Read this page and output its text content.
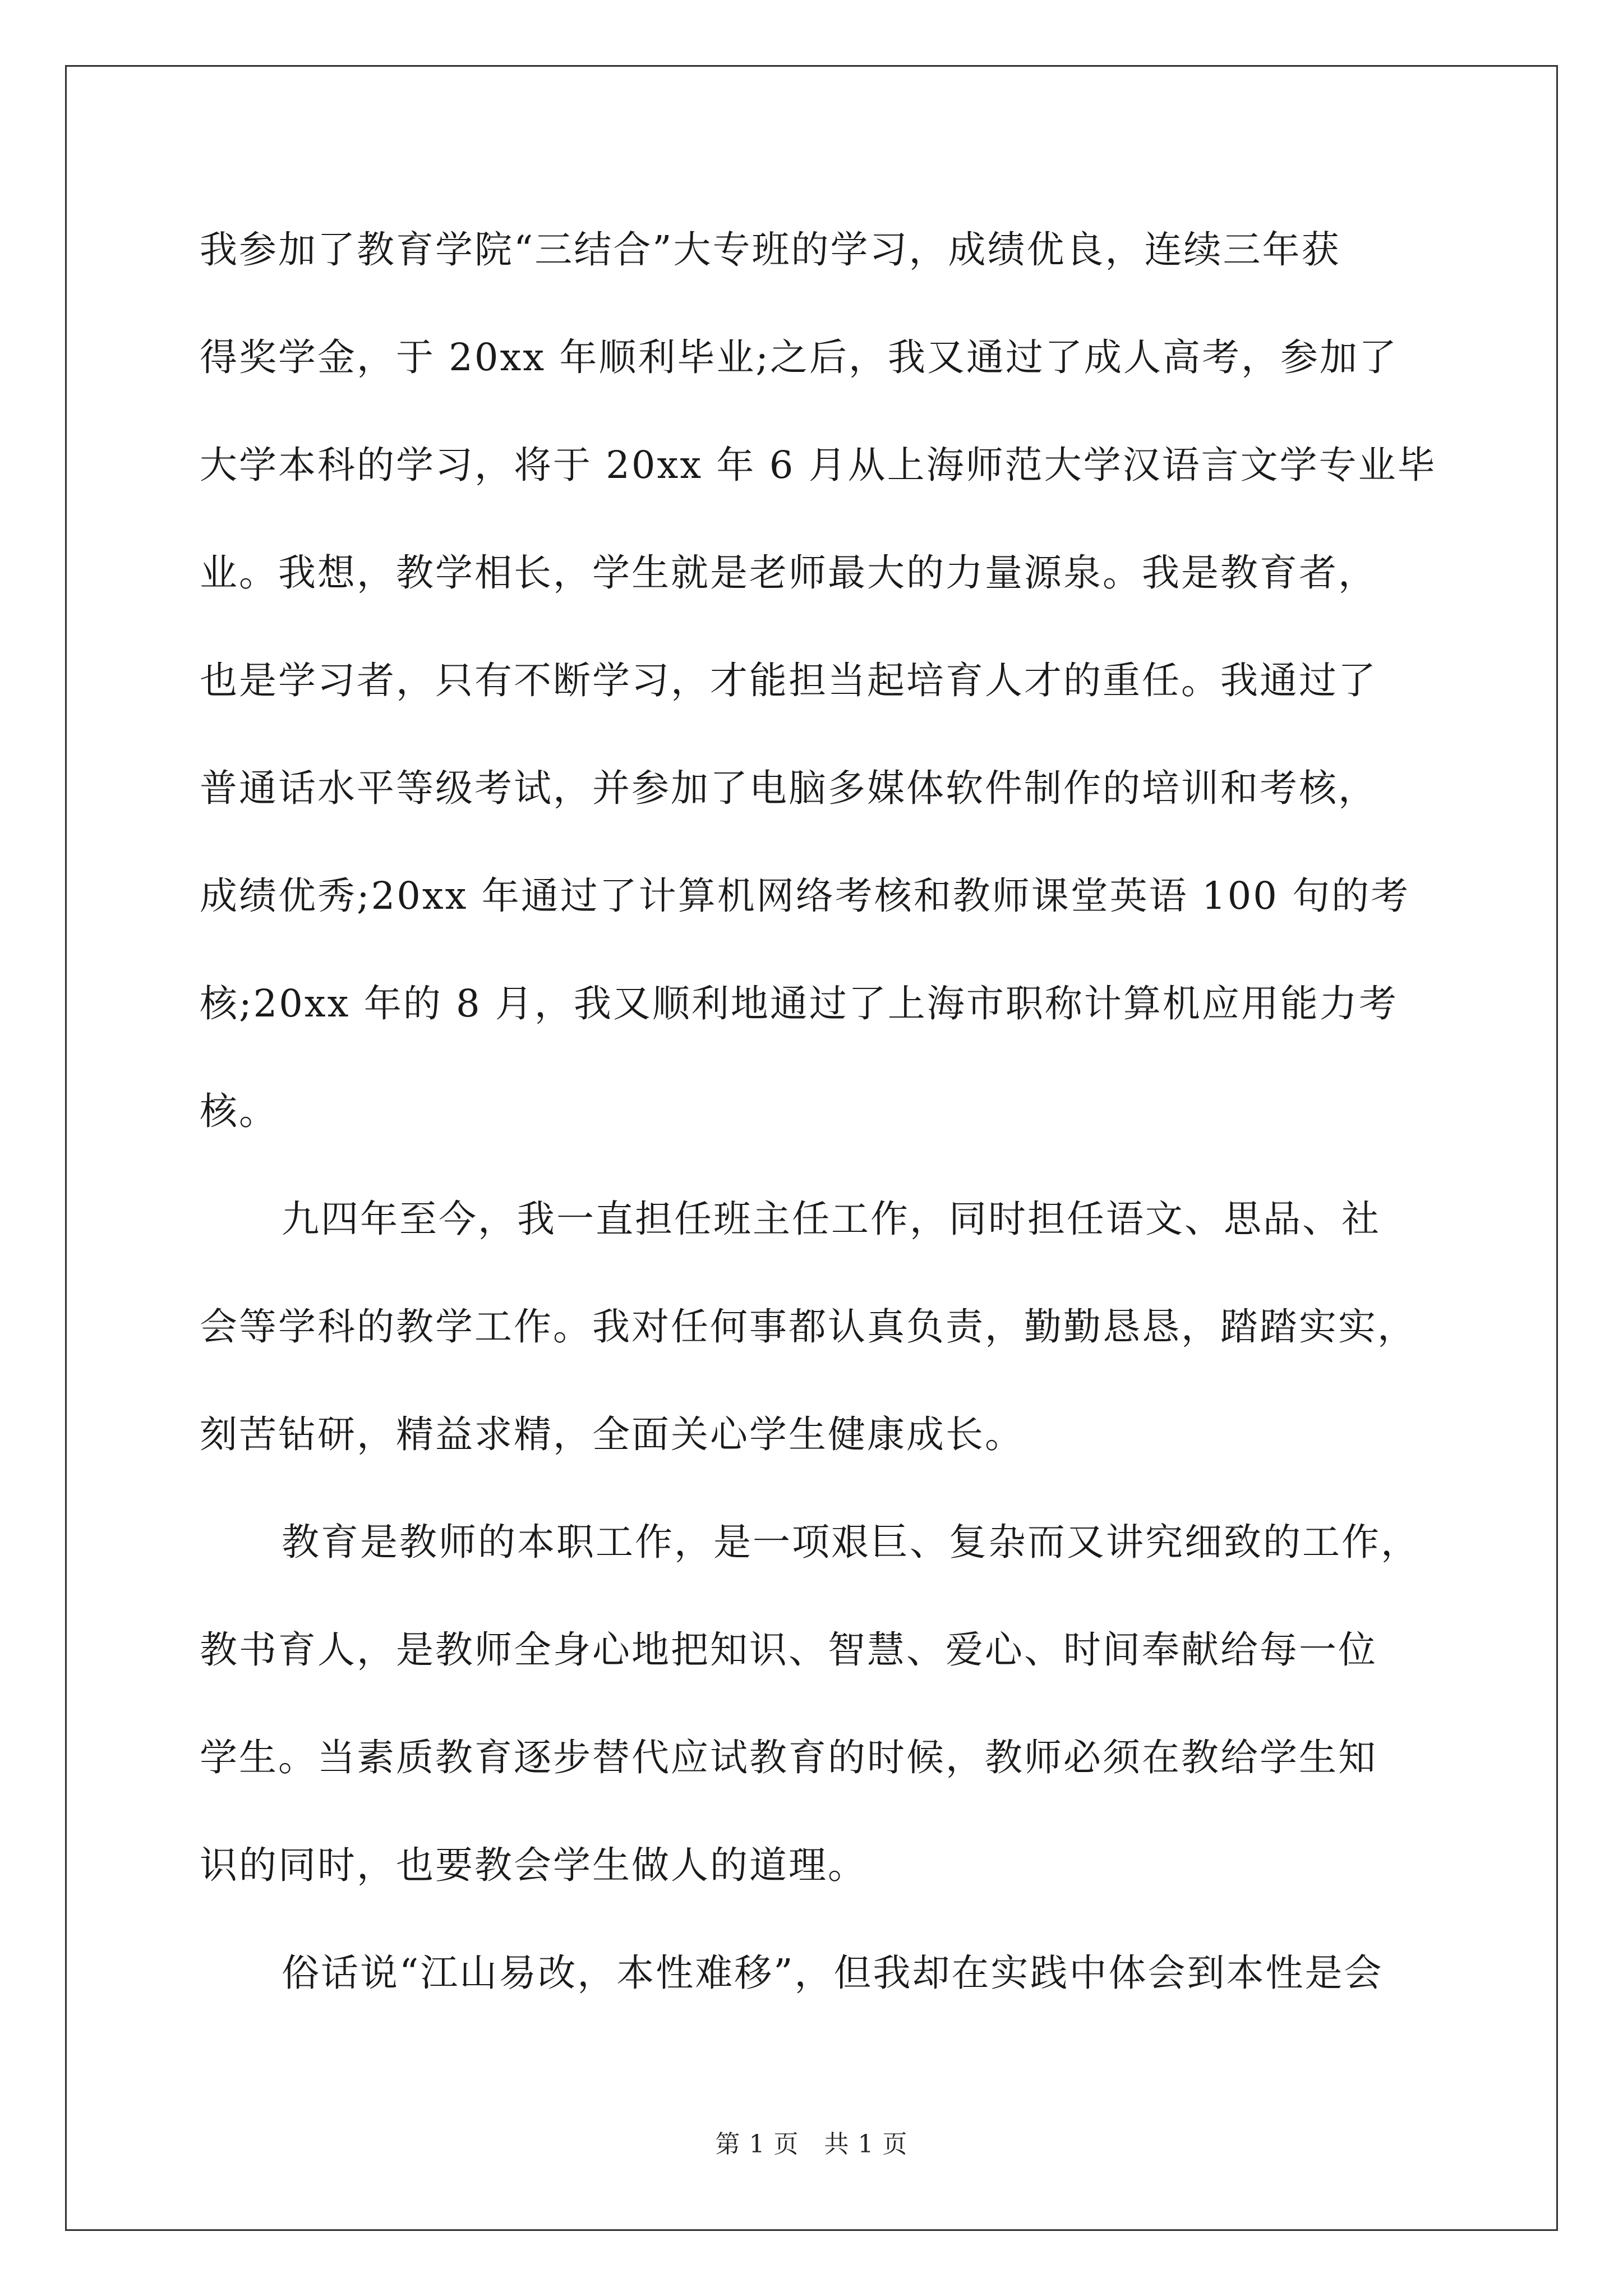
我参加了教育学院“三结合”大专班的学习，成绩优良，连续三年获
得奖学金，于 20xx 年顺利毕业;之后，我又通过了成人高考，参加了
大学本科的学习，将于 20xx 年 6 月从上海师范大学汉语言文学专业毕
业。我想，教学相长，学生就是老师最大的力量源泉。我是教育者，
也是学习者，只有不断学习，才能担当起培育人才的重任。我通过了
普通话水平等级考试，并参加了电脑多媒体软件制作的培训和考核，
成绩优秀;20xx 年通过了计算机网络考核和教师课堂英语 100 句的考
核;20xx 年的 8 月，我又顺利地通过了上海市职称计算机应用能力考
核。
九四年至今，我一直担任班主任工作，同时担任语文、思品、社
会等学科的教学工作。我对任何事都认真负责，勤勤恳恳，踏踏实实，
刻苦钻研，精益求精，全面关心学生健康成长。
教育是教师的本职工作，是一项艰巨、复杂而又讲究细致的工作，
教书育人，是教师全身心地把知识、智慧、爱心、时间奉献给每一位
学生。当素质教育逐步替代应试教育的时候，教师必须在教给学生知
识的同时，也要教会学生做人的道理。
俗话说“江山易改，本性难移”，但我却在实践中体会到本性是会
第 1 页　共 1 页
